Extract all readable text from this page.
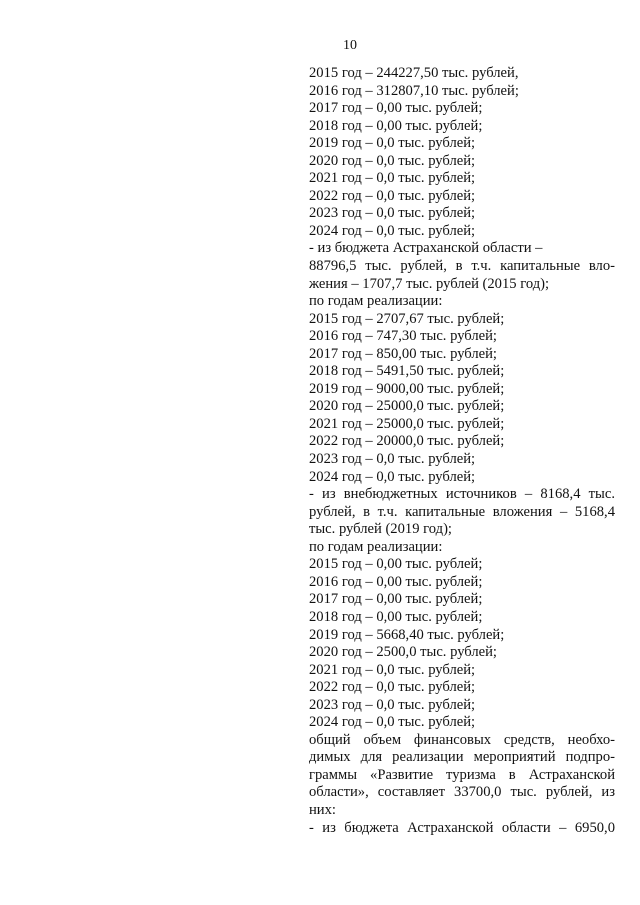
10
2015 год – 244227,50 тыс. рублей,
2016 год – 312807,10 тыс. рублей;
2017 год – 0,00 тыс. рублей;
2018 год – 0,00 тыс. рублей;
2019 год – 0,0 тыс. рублей;
2020 год – 0,0 тыс. рублей;
2021 год – 0,0 тыс. рублей;
2022 год – 0,0 тыс. рублей;
2023 год – 0,0 тыс. рублей;
2024 год – 0,0 тыс. рублей;
- из бюджета Астраханской области –
88796,5 тыс. рублей, в т.ч. капитальные вло-
жения – 1707,7 тыс. рублей (2015 год);
по годам реализации:
2015 год – 2707,67 тыс. рублей;
2016 год – 747,30 тыс. рублей;
2017 год – 850,00 тыс. рублей;
2018 год – 5491,50 тыс. рублей;
2019 год – 9000,00 тыс. рублей;
2020 год – 25000,0 тыс. рублей;
2021 год – 25000,0 тыс. рублей;
2022 год – 20000,0 тыс. рублей;
2023 год – 0,0 тыс. рублей;
2024 год – 0,0 тыс. рублей;
- из внебюджетных источников – 8168,4 тыс.
рублей, в т.ч. капитальные вложения – 5168,4
тыс. рублей (2019 год);
по годам реализации:
2015 год – 0,00 тыс. рублей;
2016 год – 0,00 тыс. рублей;
2017 год – 0,00 тыс. рублей;
2018 год – 0,00 тыс. рублей;
2019 год – 5668,40 тыс. рублей;
2020 год – 2500,0 тыс. рублей;
2021 год – 0,0 тыс. рублей;
2022 год – 0,0 тыс. рублей;
2023 год – 0,0 тыс. рублей;
2024 год – 0,0 тыс. рублей;
общий объем финансовых средств, необхо-
димых для реализации мероприятий подпро-
граммы «Развитие туризма в Астраханской
области», составляет 33700,0 тыс. рублей, из
них:
- из бюджета Астраханской области – 6950,0
